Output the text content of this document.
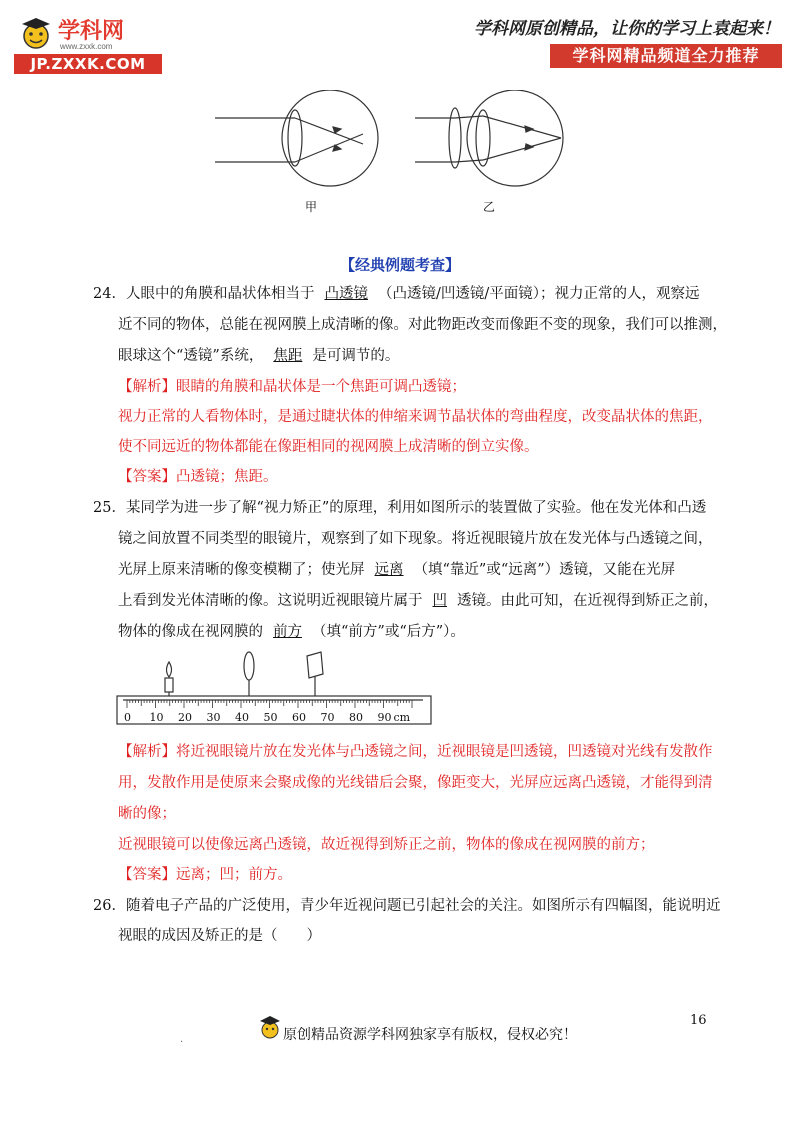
学科网
www.zxxk.com
JP.ZXXK.COM
学科网原创精品，让你的学习上袁起来！
学科网精品频道全力推荐
甲	乙
【经典例题考查】
24．人眼中的角膜和晶状体相当于 凸透镜 （凸透镜/凹透镜/平面镜）；视力正常的人，观察远
近不同的物体，总能在视网膜上成清晰的像。对此物距改变而像距不变的现象，我们可以推测，
眼球这个“透镜”系统， 焦距 是可调节的。
【解析】眼睛的角膜和晶状体是一个焦距可调凸透镜；
视力正常的人看物体时，是通过睫状体的伸缩来调节晶状体的弯曲程度，改变晶状体的焦距，
使不同远近的物体都能在像距相同的视网膜上成清晰的倒立实像。
【答案】凸透镜；焦距。
25．某同学为进一步了解“视力矫正”的原理，利用如图所示的装置做了实验。他在发光体和凸透
镜之间放置不同类型的眼镜片，观察到了如下现象。将近视眼镜片放在发光体与凸透镜之间，
光屏上原来清晰的像变模糊了；使光屏 远离 （填“靠近”或“远离”）透镜，又能在光屏
上看到发光体清晰的像。这说明近视眼镜片属于 凹 透镜。由此可知，在近视得到矫正之前，
物体的像成在视网膜的 前方 （填“前方”或“后方”）。
0 10 20 30 40 50 60 70 80 90 cm
【解析】将近视眼镜片放在发光体与凸透镜之间，近视眼镜是凹透镜，凹透镜对光线有发散作
用，发散作用是使原来会聚成像的光线错后会聚，像距变大，光屏应远离凸透镜，才能得到清
晰的像；
近视眼镜可以使像远离凸透镜，故近视得到矫正之前，物体的像成在视网膜的前方；
【答案】远离；凹；前方。
26．随着电子产品的广泛使用，青少年近视问题已引起社会的关注。如图所示有四幅图，能说明近
视眼的成因及矫正的是（　　）
16
.	原创精品资源学科网独家享有版权，侵权必究！
